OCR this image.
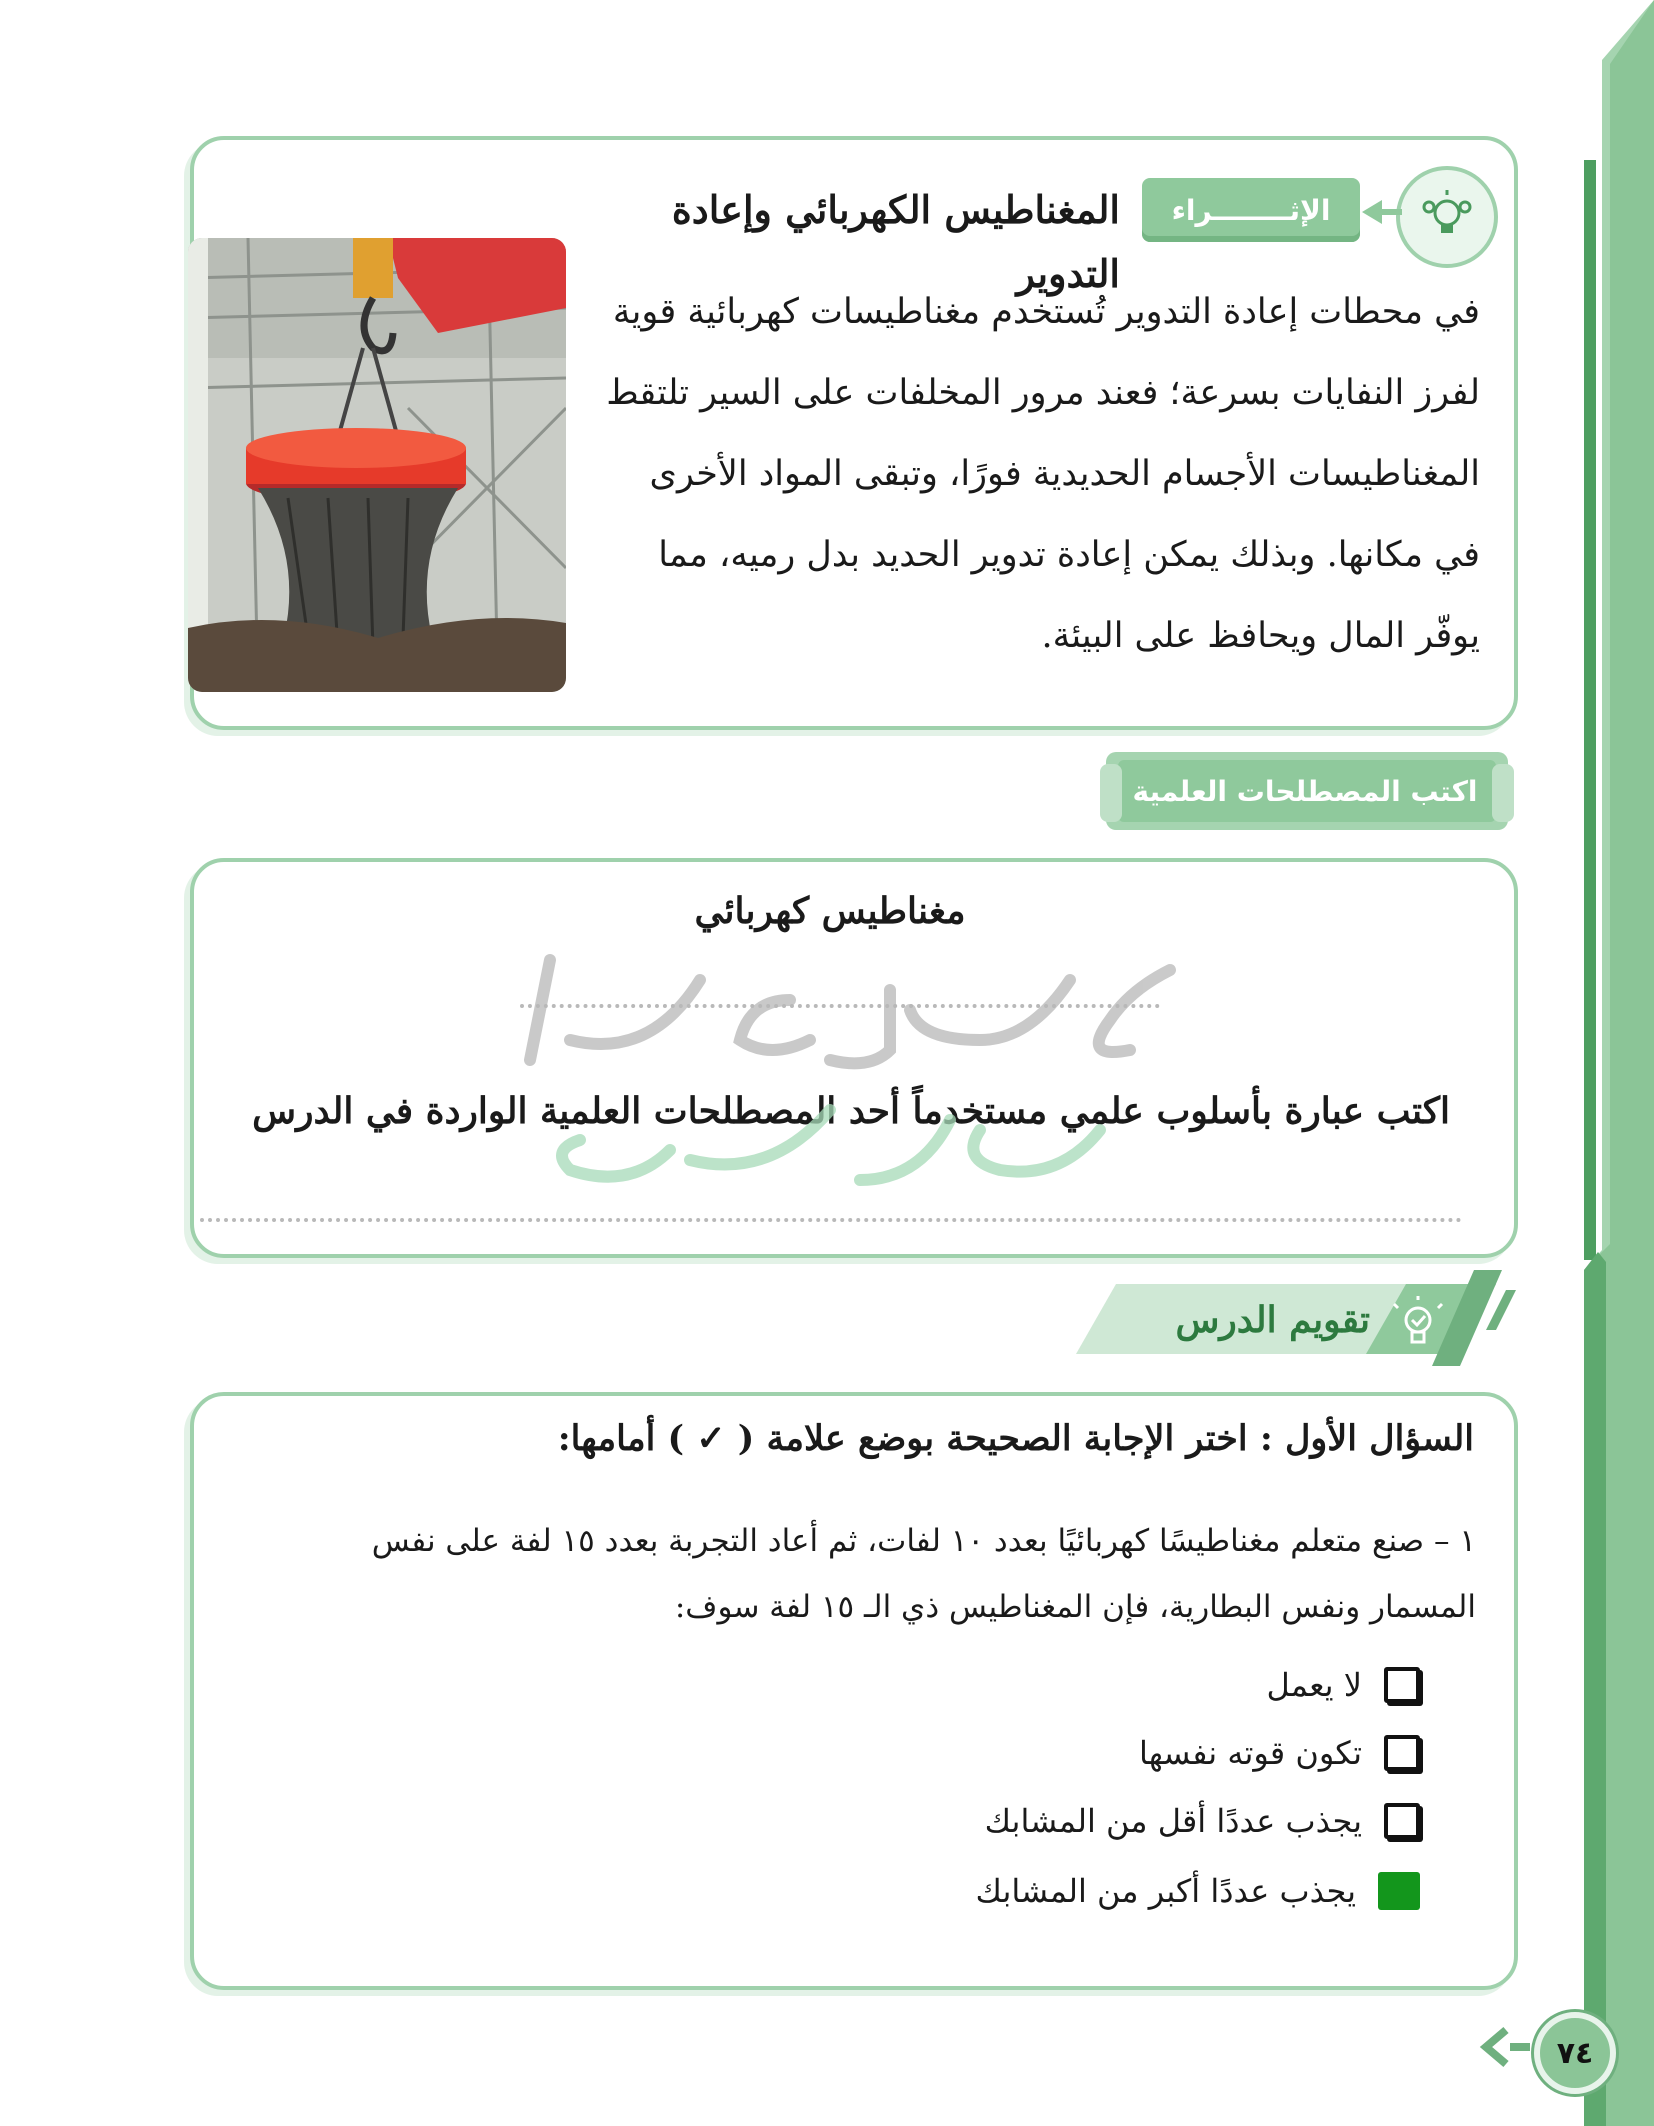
الإثــــــــراء
المغناطيس الكهربائي وإعادة التدوير
في محطات إعادة التدوير تُستخدم مغناطيسات كهربائية قوية لفرز النفايات بسرعة؛ فعند مرور المخلفات على السير تلتقط المغناطيسات الأجسام الحديدية فورًا، وتبقى المواد الأخرى في مكانها. وبذلك يمكن إعادة تدوير الحديد بدل رميه، مما يوفّر المال ويحافظ على البيئة.
اكتب المصطلحات العلمية
مغناطيس كهربائي
اكتب عبارة بأسلوب علمي مستخدماً أحد المصطلحات العلمية الواردة في الدرس
تقويم الدرس
السؤال الأول : اختر الإجابة الصحيحة بوضع علامة ( ✓ ) أمامها:
١ – صنع متعلم مغناطيسًا كهربائيًا بعدد ١٠ لفات، ثم أعاد التجربة بعدد ١٥ لفة على نفس المسمار ونفس البطارية، فإن المغناطيس ذي الـ ١٥ لفة سوف:
لا يعمل
تكون قوته نفسها
يجذب عددًا أقل من المشابك
يجذب عددًا أكبر من المشابك
٧٤
